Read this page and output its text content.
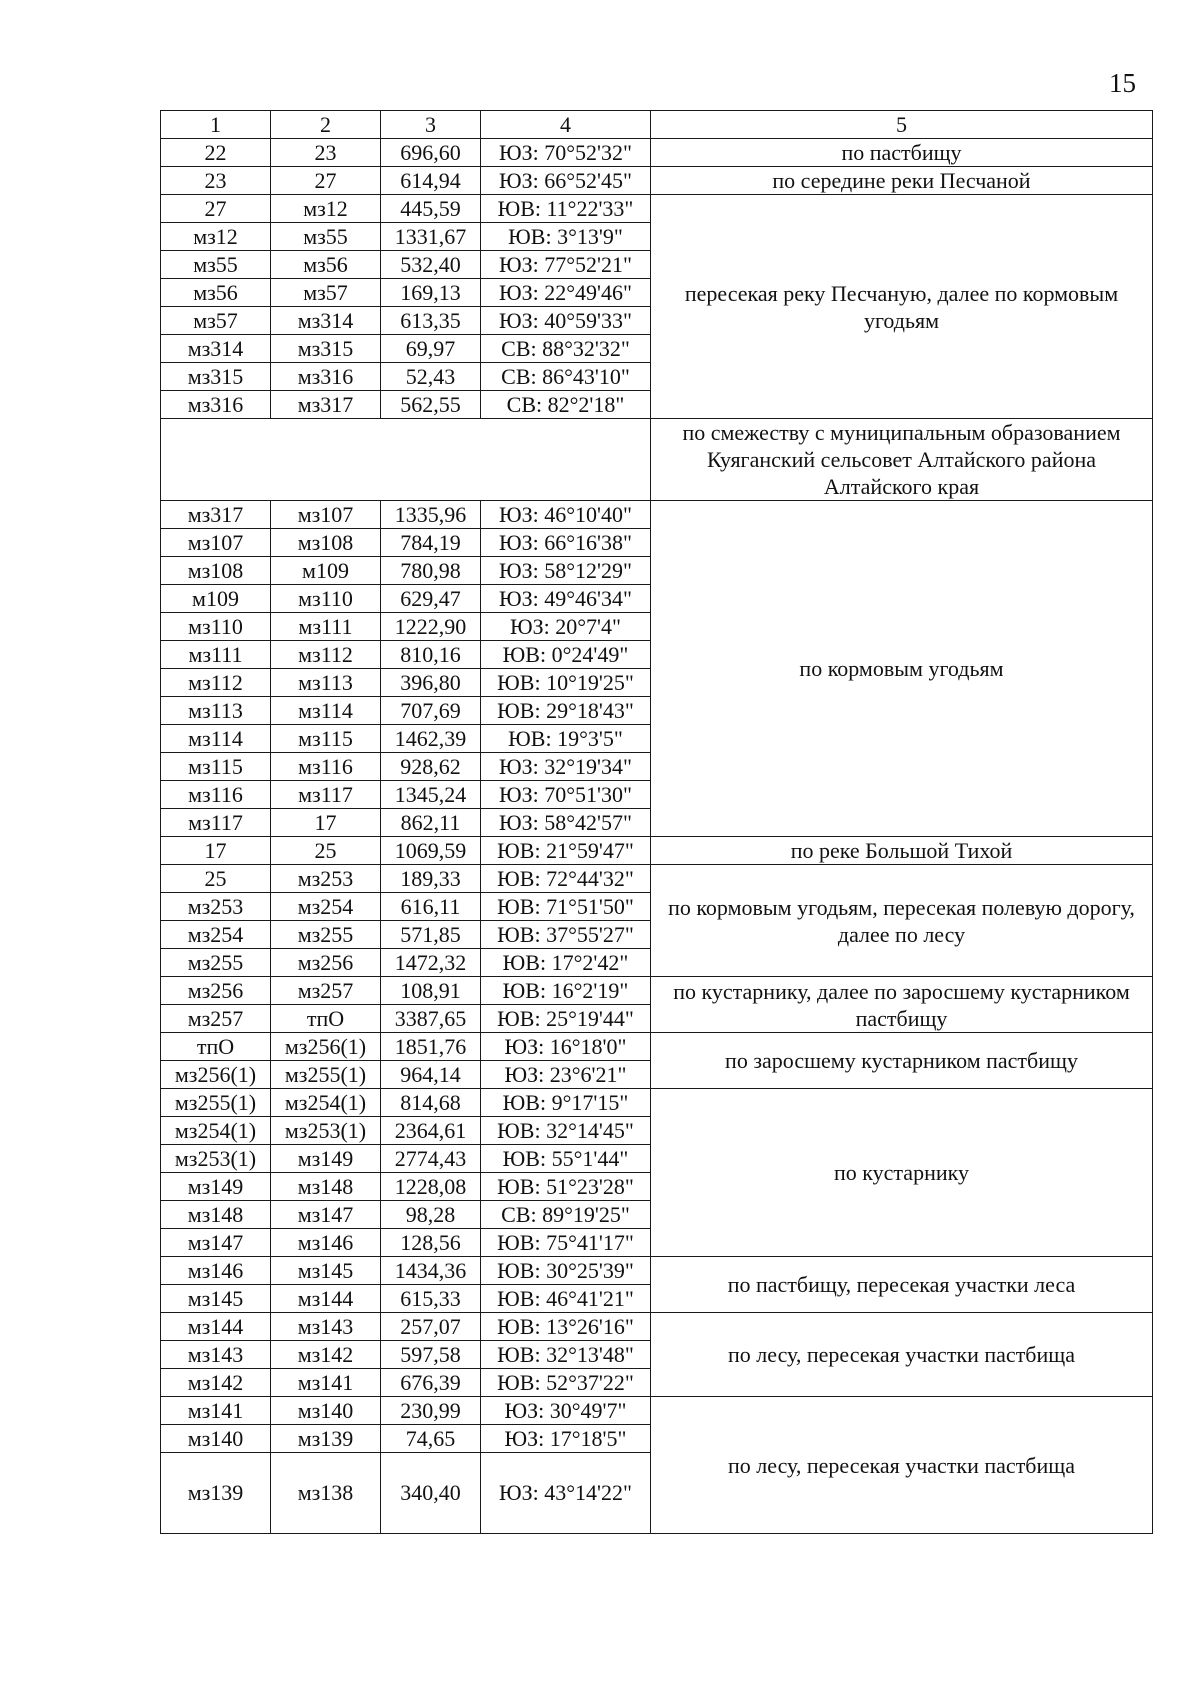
15
1	2	3	4	5
22	23	696,60	ЮЗ: 70°52'32"	по пастбищу
23	27	614,94	ЮЗ: 66°52'45"	по середине реки Песчаной
27	мз12	445,59	ЮВ: 11°22'33"	пересекая реку Песчаную, далее по кормовым угодьям
мз12	мз55	1331,67	ЮВ: 3°13'9"	
мз55	мз56	532,40	ЮЗ: 77°52'21"	
мз56	мз57	169,13	ЮЗ: 22°49'46"	
мз57	мз314	613,35	ЮЗ: 40°59'33"	
мз314	мз315	69,97	СВ: 88°32'32"	
мз315	мз316	52,43	СВ: 86°43'10"	
мз316	мз317	562,55	СВ: 82°2'18"	
				по смежеству с муниципальным образованием Куяганский сельсовет Алтайского района Алтайского края
мз317	мз107	1335,96	ЮЗ: 46°10'40"	по кормовым угодьям
мз107	мз108	784,19	ЮЗ: 66°16'38"	
мз108	м109	780,98	ЮЗ: 58°12'29"	
м109	мз110	629,47	ЮЗ: 49°46'34"	
мз110	мз111	1222,90	ЮЗ: 20°7'4"	
мз111	мз112	810,16	ЮВ: 0°24'49"	
мз112	мз113	396,80	ЮВ: 10°19'25"	
мз113	мз114	707,69	ЮВ: 29°18'43"	
мз114	мз115	1462,39	ЮВ: 19°3'5"	
мз115	мз116	928,62	ЮЗ: 32°19'34"	
мз116	мз117	1345,24	ЮЗ: 70°51'30"	
мз117	17	862,11	ЮЗ: 58°42'57"	
17	25	1069,59	ЮВ: 21°59'47"	по реке Большой Тихой
25	мз253	189,33	ЮВ: 72°44'32"	по кормовым угодьям, пересекая полевую дорогу, далее по лесу
мз253	мз254	616,11	ЮВ: 71°51'50"	
мз254	мз255	571,85	ЮВ: 37°55'27"	
мз255	мз256	1472,32	ЮВ: 17°2'42"	
мз256	мз257	108,91	ЮВ: 16°2'19"	по кустарнику, далее по заросшему кустарником пастбищу
мз257	тпО	3387,65	ЮВ: 25°19'44"	
тпО	мз256(1)	1851,76	ЮЗ: 16°18'0"	по заросшему кустарником пастбищу
мз256(1)	мз255(1)	964,14	ЮЗ: 23°6'21"	
мз255(1)	мз254(1)	814,68	ЮВ: 9°17'15"	по кустарнику
мз254(1)	мз253(1)	2364,61	ЮВ: 32°14'45"	
мз253(1)	мз149	2774,43	ЮВ: 55°1'44"	
мз149	мз148	1228,08	ЮВ: 51°23'28"	
мз148	мз147	98,28	СВ: 89°19'25"	
мз147	мз146	128,56	ЮВ: 75°41'17"	
мз146	мз145	1434,36	ЮВ: 30°25'39"	по пастбищу, пересекая участки леса
мз145	мз144	615,33	ЮВ: 46°41'21"	
мз144	мз143	257,07	ЮВ: 13°26'16"	по лесу, пересекая участки пастбища
мз143	мз142	597,58	ЮВ: 32°13'48"	
мз142	мз141	676,39	ЮВ: 52°37'22"	
мз141	мз140	230,99	ЮЗ: 30°49'7"	по лесу, пересекая участки пастбища
мз140	мз139	74,65	ЮЗ: 17°18'5"	
мз139	мз138	340,40	ЮЗ: 43°14'22"	
